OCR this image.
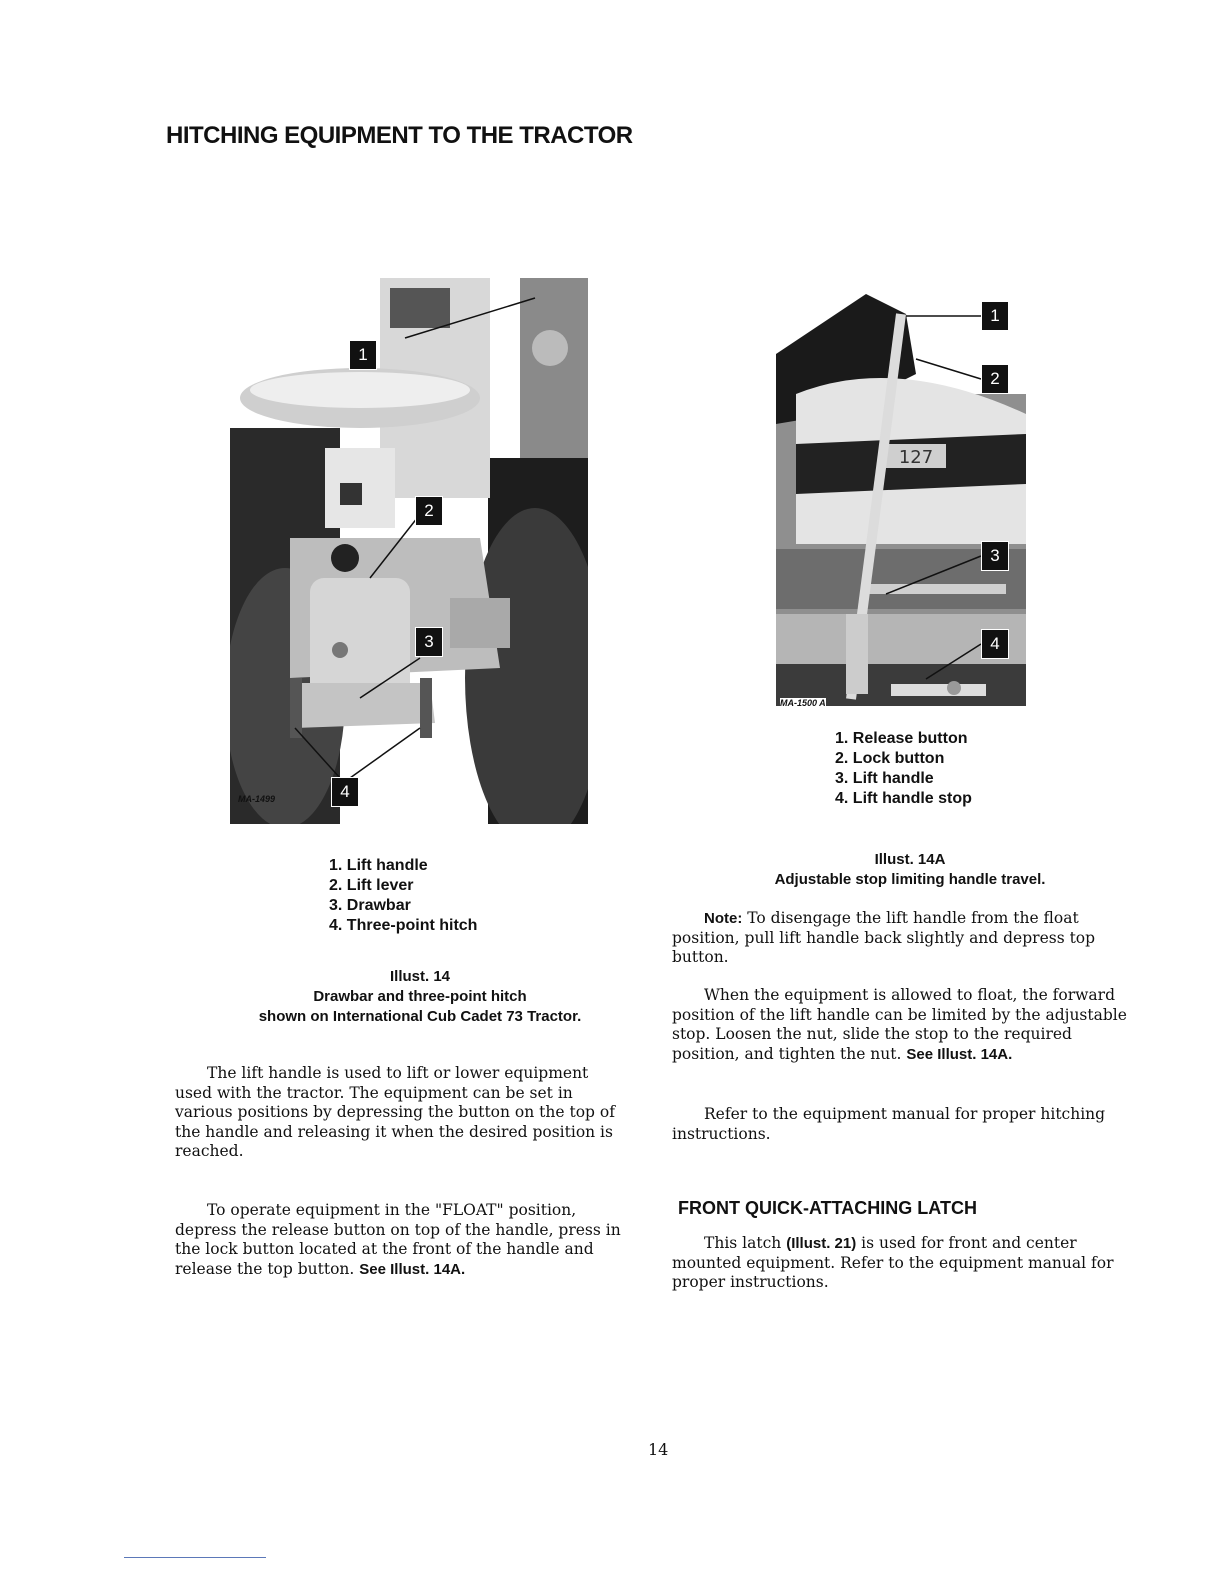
HITCHING EQUIPMENT TO THE TRACTOR
1
2
3
4
MA-1499
1. Lift handle
2. Lift lever
3. Drawbar
4. Three-point hitch
Illust. 14
Drawbar and three-point hitch
shown on International Cub Cadet 73 Tractor.
127
1
2
3
4
MA-1500 A
1. Release button
2. Lock button
3. Lift handle
4. Lift handle stop
Illust. 14A
Adjustable stop limiting handle travel.

The lift handle is used to lift or lower equipment used with the tractor. The equipment can be set in various positions by depressing the button on the top of the handle and releasing it when the desired position is reached.

To operate equipment in the "FLOAT" position, depress the release button on top of the handle, press in the lock button located at the front of the handle and release the top button. See Illust. 14A.

Note: To disengage the lift handle from the float position, pull lift handle back slightly and depress top button.

When the equipment is allowed to float, the forward position of the lift handle can be limited by the adjustable stop. Loosen the nut, slide the stop to the required position, and tighten the nut. See Illust. 14A.

Refer to the equipment manual for proper hitching instructions.

FRONT QUICK-ATTACHING LATCH

This latch (Illust. 21) is used for front and center mounted equipment. Refer to the equipment manual for proper instructions.

14
